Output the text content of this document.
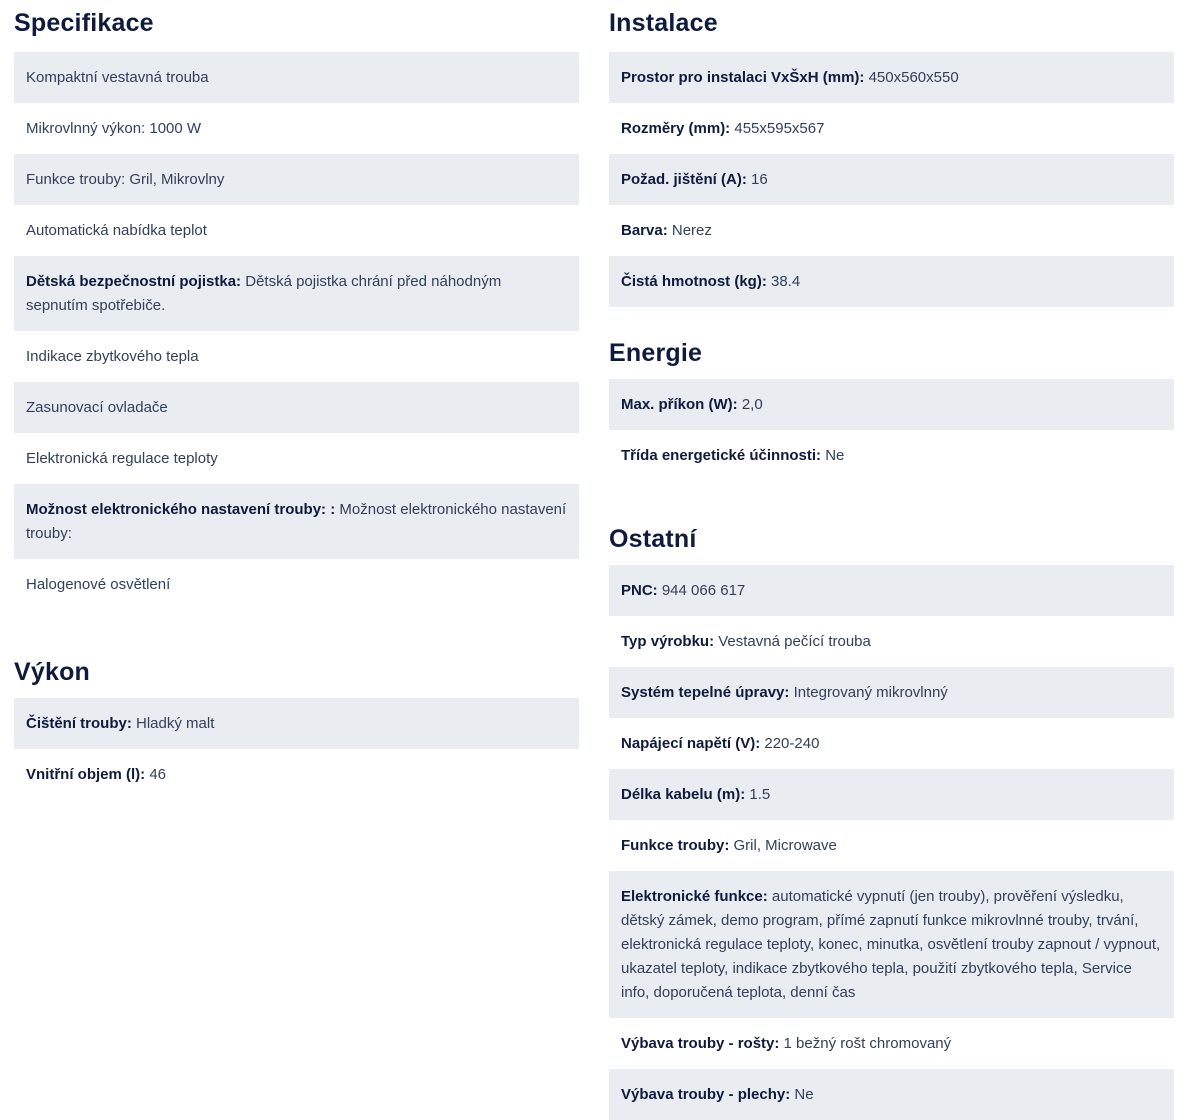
Specifikace
Kompaktní vestavná trouba
Mikrovlnný výkon: 1000 W
Funkce trouby: Gril, Mikrovlny
Automatická nabídka teplot
Dětská bezpečnostní pojistka: Dětská pojistka chrání před náhodným sepnutím spotřebiče.
Indikace zbytkového tepla
Zasunovací ovladače
Elektronická regulace teploty
Možnost elektronického nastavení trouby: : Možnost elektronického nastavení trouby:
Halogenové osvětlení
Výkon
Čištění trouby: Hladký malt
Vnitřní objem (l): 46
Instalace
Prostor pro instalaci VxŠxH (mm): 450x560x550
Rozměry (mm): 455x595x567
Požad. jištění (A): 16
Barva: Nerez
Čistá hmotnost (kg): 38.4
Energie
Max. příkon (W): 2,0
Třída energetické účinnosti: Ne
Ostatní
PNC: 944 066 617
Typ výrobku: Vestavná pečící trouba
Systém tepelné úpravy: Integrovaný mikrovlnný
Napájecí napětí (V): 220-240
Délka kabelu (m): 1.5
Funkce trouby: Gril, Microwave
Elektronické funkce: automatické vypnutí (jen trouby), prověření výsledku, dětský zámek, demo program, přímé zapnutí funkce mikrovlnné trouby, trvání, elektronická regulace teploty, konec, minutka, osvětlení trouby zapnout / vypnout, ukazatel teploty, indikace zbytkového tepla, použití zbytkového tepla, Service info, doporučená teplota, denní čas
Výbava trouby - rošty: 1 bežný rošt chromovaný
Výbava trouby - plechy: Ne
